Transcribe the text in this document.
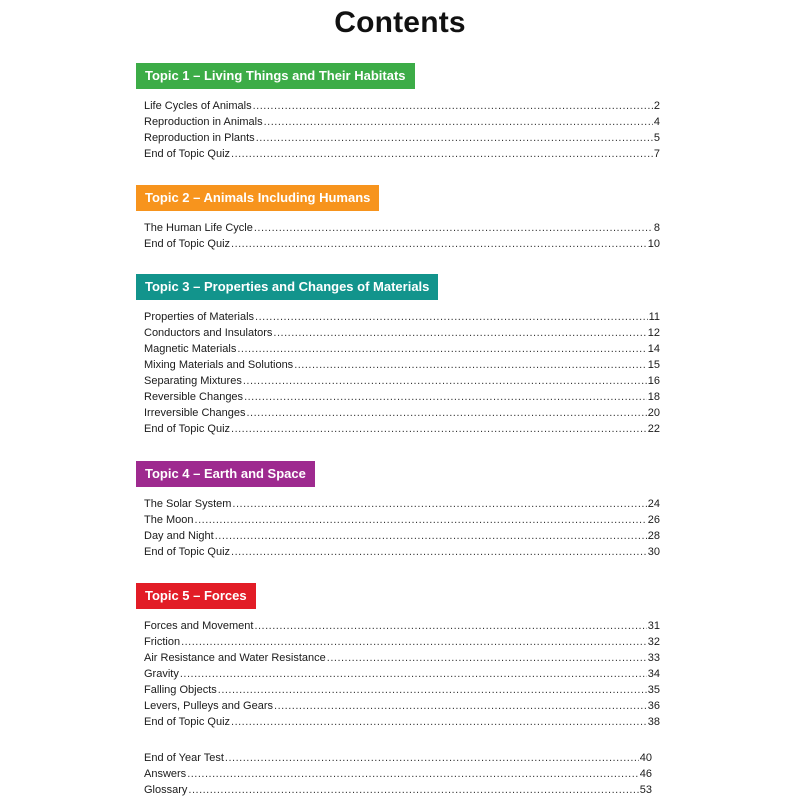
Contents
Topic 1 – Living Things and Their Habitats
Life Cycles of Animals .....	2
Reproduction in Animals .....	4
Reproduction in Plants .....	5
End of Topic Quiz .....	7
Topic 2 – Animals Including Humans
The Human Life Cycle .....	8
End of Topic Quiz .....	10
Topic 3 – Properties and Changes of Materials
Properties of Materials .....	11
Conductors and Insulators .....	12
Magnetic Materials .....	14
Mixing Materials and Solutions .....	15
Separating Mixtures .....	16
Reversible Changes .....	18
Irreversible Changes .....	20
End of Topic Quiz .....	22
Topic 4 – Earth and Space
The Solar System .....	24
The Moon .....	26
Day and Night .....	28
End of Topic Quiz .....	30
Topic 5 – Forces
Forces and Movement .....	31
Friction .....	32
Air Resistance and Water Resistance .....	33
Gravity .....	34
Falling Objects .....	35
Levers, Pulleys and Gears .....	36
End of Topic Quiz .....	38
End of Year Test .....	40
Answers .....	46
Glossary .....	53
